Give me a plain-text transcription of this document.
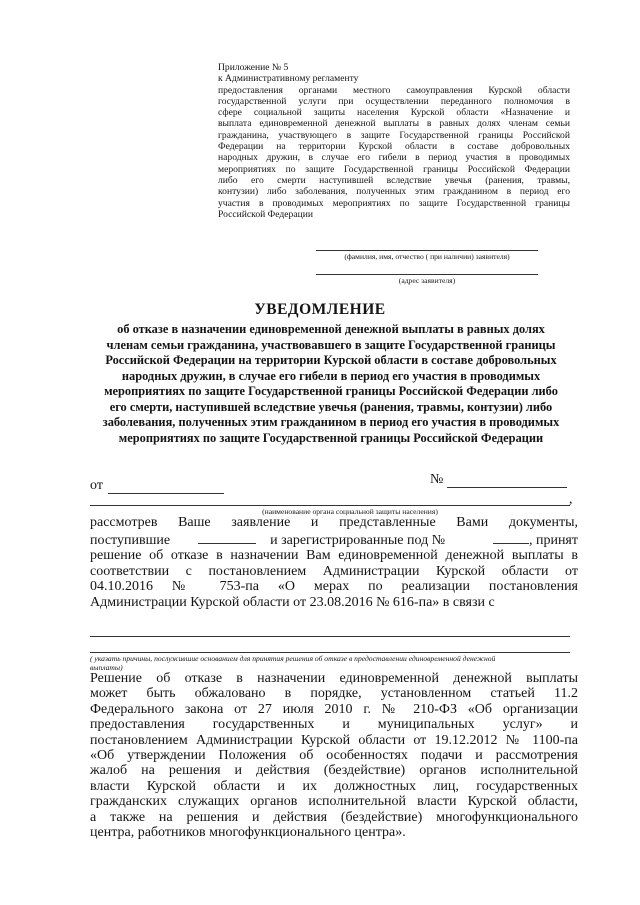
Приложение № 5
к Административному регламенту
предоставления органами местного самоуправления Курской области
государственной услуги при осуществлении переданного полномочия в
сфере социальной защиты населения Курской области «Назначение и
выплата единовременной денежной выплаты в равных долях членам семьи
гражданина, участвующего в защите Государственной границы Российской
Федерации на территории Курской области в составе добровольных
народных дружин, в случае его гибели в период участия в проводимых
мероприятиях по защите Государственной границы Российской Федерации
либо его смерти наступившей вследствие увечья (ранения, травмы,
контузии) либо заболевания, полученных этим гражданином в период его
участия в проводимых мероприятиях по защите Государственной границы
Российской Федерации
(фамилия, имя, отчество ( при наличии) заявителя)
(адрес заявителя)
УВЕДОМЛЕНИЕ
об отказе в назначении единовременной денежной выплаты в равных долях
членам семьи гражданина, участвовавшего в защите Государственной границы
Российской Федерации на территории Курской области в составе добровольных
народных дружин, в случае его гибели в период его участия в проводимых
мероприятиях по защите Государственной границы Российской Федерации либо
его смерти, наступившей вследствие увечья (ранения, травмы, контузии) либо
заболевания, полученных этим гражданином в период его участия в проводимых
мероприятиях по защите Государственной границы Российской Федерации
от	№
,
(наименование органа социальной защиты населения)
рассмотрев Ваше заявление и представленные Вами документы,
поступившие	и зарегистрированные под №	, принят
решение об отказе в назначении Вам единовременной денежной выплаты в
соответствии с постановлением Администрации Курской области от
04.10.2016 № 753-па «О мерах по реализации постановления
Администрации Курской области от 23.08.2016 № 616-па» в связи с
( указать причины, послужившие основанием для принятия решения об отказе в предоставлении единовременной денежной
выплаты)
Решение об отказе в назначении единовременной денежной выплаты
может быть обжаловано в порядке, установленном статьей 11.2
Федерального закона от 27 июля 2010 г. № 210-ФЗ «Об организации
предоставления государственных и муниципальных услуг» и
постановлением Администрации Курской области от 19.12.2012 № 1100-па
«Об утверждении Положения об особенностях подачи и рассмотрения
жалоб на решения и действия (бездействие) органов исполнительной
власти Курской области и их должностных лиц, государственных
гражданских служащих органов исполнительной власти Курской области,
а также на решения и действия (бездействие) многофункционального
центра, работников многофункционального центра».
